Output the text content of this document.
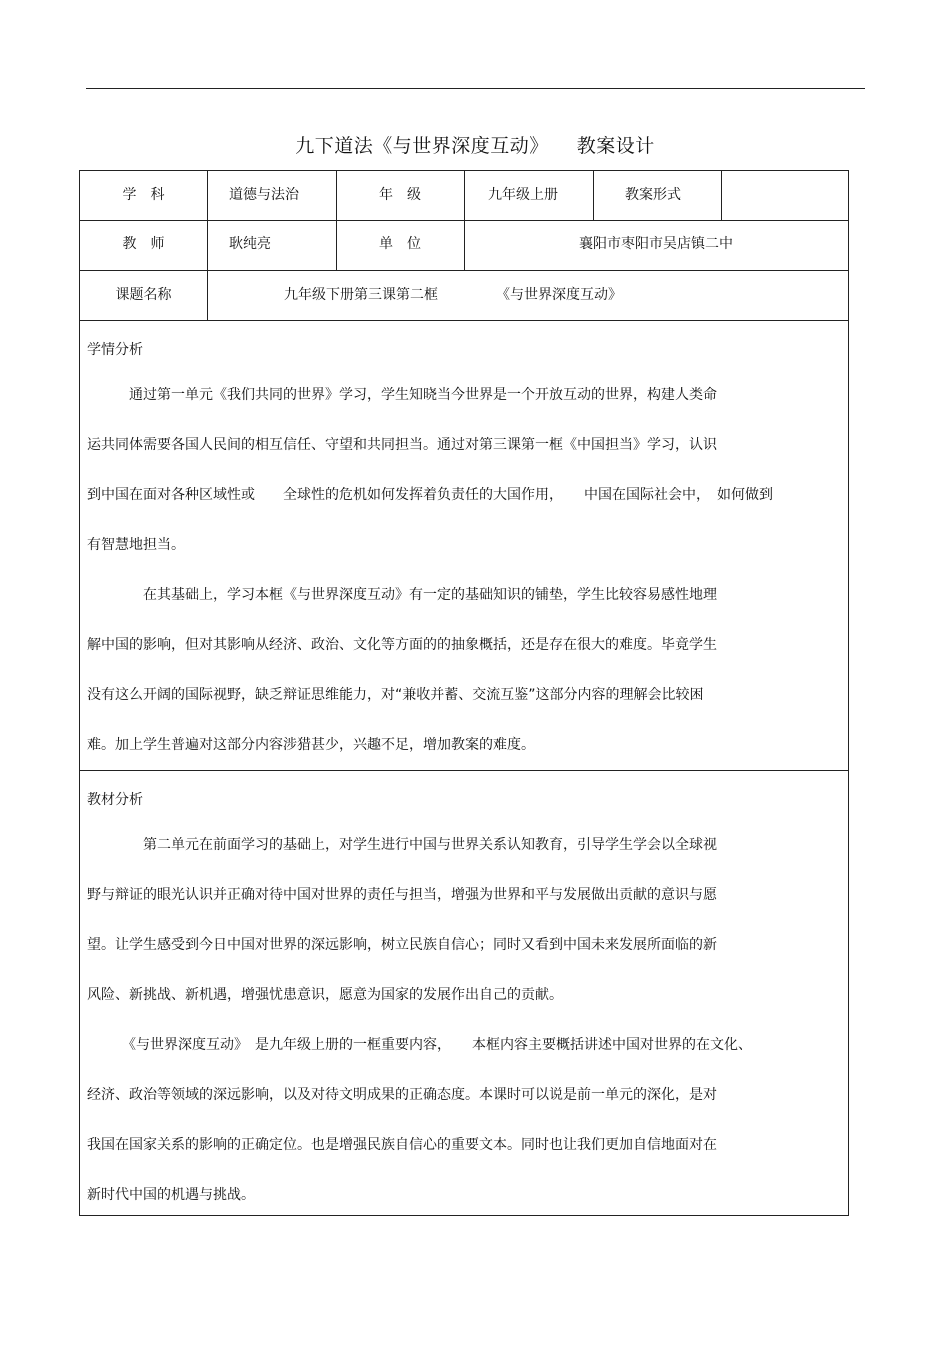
九下道法《与世界深度互动》 教案设计
学　科	道德与法治	年　级	九年级上册	教案形式
教　师	耿纯亮	单　位	襄阳市枣阳市吴店镇二中
课题名称	九年级下册第三课第二框	《与世界深度互动》
学情分析
　　　通过第一单元《我们共同的世界》学习，学生知晓当今世界是一个开放互动的世界，构建人类命
运共同体需要各国人民间的相互信任、守望和共同担当。通过对第三课第一框《中国担当》学习，认识
到中国在面对各种区域性或　　全球性的危机如何发挥着负责任的大国作用，　　中国在国际社会中，　如何做到
有智慧地担当。
　　　　在其基础上，学习本框《与世界深度互动》有一定的基础知识的铺垫，学生比较容易感性地理
解中国的影响，但对其影响从经济、政治、文化等方面的的抽象概括，还是存在很大的难度。毕竟学生
没有这么开阔的国际视野，缺乏辩证思维能力，对“兼收并蓄、交流互鉴”这部分内容的理解会比较困
难。加上学生普遍对这部分内容涉猎甚少，兴趣不足，增加教案的难度。
教材分析
　　　　第二单元在前面学习的基础上，对学生进行中国与世界关系认知教育，引导学生学会以全球视
野与辩证的眼光认识并正确对待中国对世界的责任与担当，增强为世界和平与发展做出贡献的意识与愿
望。让学生感受到今日中国对世界的深远影响，树立民族自信心；同时又看到中国未来发展所面临的新
风险、新挑战、新机遇，增强忧患意识，愿意为国家的发展作出自己的贡献。
　　　《与世界深度互动》　是九年级上册的一框重要内容，　　本框内容主要概括讲述中国对世界的在文化、
经济、政治等领域的深远影响，以及对待文明成果的正确态度。本课时可以说是前一单元的深化，是对
我国在国家关系的影响的正确定位。也是增强民族自信心的重要文本。同时也让我们更加自信地面对在
新时代中国的机遇与挑战。
